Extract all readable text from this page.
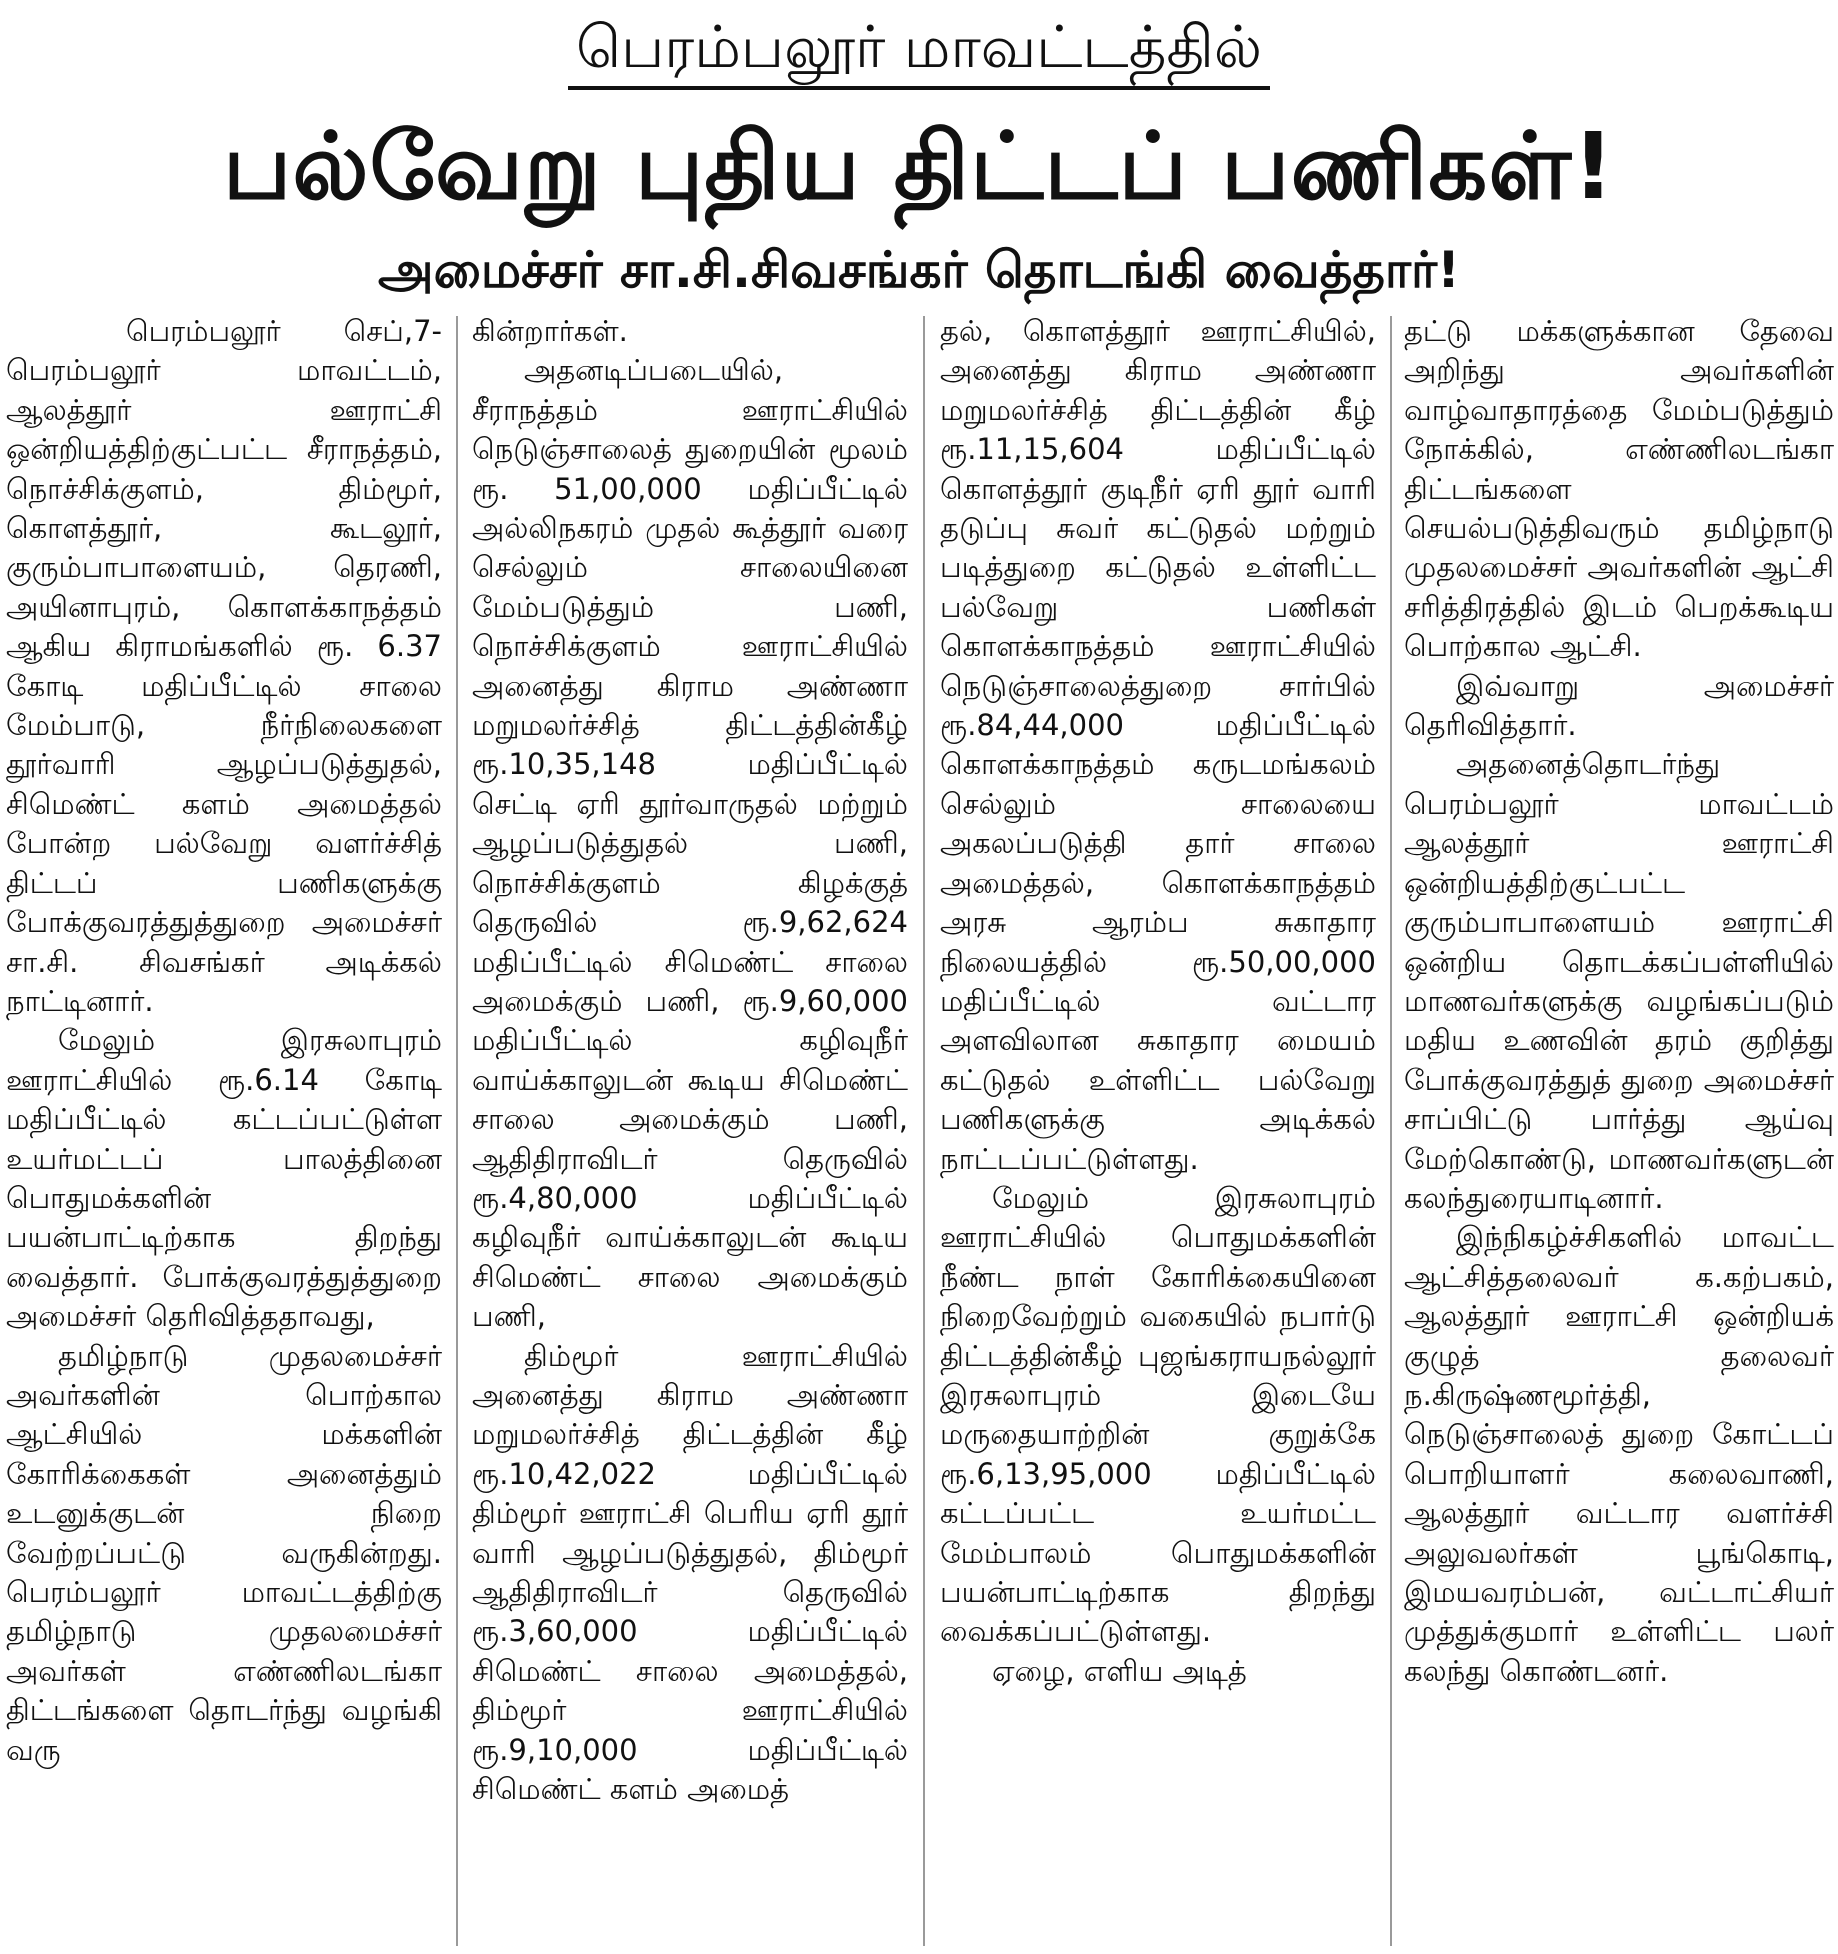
பெரம்பலூர் மாவட்டத்தில்
பல்வேறு புதிய திட்டப் பணிகள்!
அமைச்சர் சா.சி.சிவசங்கர் தொடங்கி வைத்தார்!

பெரம்பலூர் செப்,7- பெரம்பலூர் மாவட்டம், ஆலத்தூர் ஊராட்சி ஒன்றியத்திற்குட்பட்ட சீராநத்தம், நொச்சிக்குளம், திம்மூர், கொளத்தூர், கூடலூர், குரும்பாபாளையம், தெரணி, அயினாபுரம், கொளக்காநத்தம் ஆகிய கிராமங்களில் ரூ. 6.37 கோடி மதிப்பீட்டில் சாலை மேம்பாடு, நீர்நிலைகளை தூர்வாரி ஆழப்படுத்துதல், சிமெண்ட் களம் அமைத்தல் போன்ற பல்வேறு வளர்ச்சித் திட்டப் பணிகளுக்கு போக்குவரத்துத்துறை அமைச்சர் சா.சி. சிவசங்கர் அடிக்கல் நாட்டினார்.

மேலும் இரசுலாபுரம் ஊராட்சியில் ரூ.6.14 கோடி மதிப்பீட்டில் கட்டப்பட்டுள்ள உயர்மட்டப் பாலத்தினை பொதுமக்களின் பயன்பாட்டிற்காக திறந்து வைத்தார். போக்குவரத்துத்துறை அமைச்சர் தெரிவித்ததாவது,

தமிழ்நாடு முதலமைச்சர் அவர்களின் பொற்கால ஆட்சியில் மக்களின் கோரிக்கைகள் அனைத்தும் உடனுக்குடன் நிறை வேற்றப்பட்டு வருகின்றது. பெரம்பலூர் மாவட்டத்திற்கு தமிழ்நாடு முதலமைச்சர் அவர்கள் எண்ணிலடங்கா திட்டங்களை தொடர்ந்து வழங்கி வரு

கின்றார்கள்.

அதனடிப்படையில், சீராநத்தம் ஊராட்சியில் நெடுஞ்சாலைத் துறையின் மூலம் ரூ. 51,00,000 மதிப்பீட்டில் அல்லிநகரம் முதல் கூத்தூர் வரை செல்லும் சாலையினை மேம்படுத்தும் பணி, நொச்சிக்குளம் ஊராட்சியில் அனைத்து கிராம அண்ணா மறுமலர்ச்சித் திட்டத்தின்கீழ் ரூ.10,35,148 மதிப்பீட்டில் செட்டி ஏரி தூர்வாருதல் மற்றும் ஆழப்படுத்துதல் பணி, நொச்சிக்குளம் கிழக்குத் தெருவில் ரூ.9,62,624 மதிப்பீட்டில் சிமெண்ட் சாலை அமைக்கும் பணி, ரூ.9,60,000 மதிப்பீட்டில் கழிவுநீர் வாய்க்காலுடன் கூடிய சிமெண்ட் சாலை அமைக்கும் பணி, ஆதிதிராவிடர் தெருவில் ரூ.4,80,000 மதிப்பீட்டில் கழிவுநீர் வாய்க்காலுடன் கூடிய சிமெண்ட் சாலை அமைக்கும் பணி,

திம்மூர் ஊராட்சியில் அனைத்து கிராம அண்ணா மறுமலர்ச்சித் திட்டத்தின் கீழ் ரூ.10,42,022 மதிப்பீட்டில் திம்மூர் ஊராட்சி பெரிய ஏரி தூர் வாரி ஆழப்படுத்துதல், திம்மூர் ஆதிதிராவிடர் தெருவில் ரூ.3,60,000 மதிப்பீட்டில் சிமெண்ட் சாலை அமைத்தல், திம்மூர் ஊராட்சியில் ரூ.9,10,000 மதிப்பீட்டில் சிமெண்ட் களம் அமைத்

தல், கொளத்தூர் ஊராட்சியில், அனைத்து கிராம அண்ணா மறுமலர்ச்சித் திட்டத்தின் கீழ் ரூ.11,15,604 மதிப்பீட்டில் கொளத்தூர் குடிநீர் ஏரி தூர் வாரி தடுப்பு சுவர் கட்டுதல் மற்றும் படித்துறை கட்டுதல் உள்ளிட்ட பல்வேறு பணிகள் கொளக்காநத்தம் ஊராட்சியில் நெடுஞ்சாலைத்துறை சார்பில் ரூ.84,44,000 மதிப்பீட்டில் கொளக்காநத்தம் கருடமங்கலம் செல்லும் சாலையை அகலப்படுத்தி தார் சாலை அமைத்தல், கொளக்காநத்தம் அரசு ஆரம்ப சுகாதார நிலையத்தில் ரூ.50,00,000 மதிப்பீட்டில் வட்டார அளவிலான சுகாதார மையம் கட்டுதல் உள்ளிட்ட பல்வேறு பணிகளுக்கு அடிக்கல் நாட்டப்பட்டுள்ளது.

மேலும் இரசுலாபுரம் ஊராட்சியில் பொதுமக்களின் நீண்ட நாள் கோரிக்கையினை நிறைவேற்றும் வகையில் நபார்டு திட்டத்தின்கீழ் புஜங்கராயநல்லூர் இரசுலாபுரம் இடையே மருதையாற்றின் குறுக்கே ரூ.6,13,95,000 மதிப்பீட்டில் கட்டப்பட்ட உயர்மட்ட மேம்பாலம் பொதுமக்களின் பயன்பாட்டிற்காக திறந்து வைக்கப்பட்டுள்ளது.

ஏழை, எளிய அடித்

தட்டு மக்களுக்கான தேவை அறிந்து அவர்களின் வாழ்வாதாரத்தை மேம்படுத்தும் நோக்கில், எண்ணிலடங்கா திட்டங்களை செயல்படுத்திவரும் தமிழ்நாடு முதலமைச்சர் அவர்களின் ஆட்சி சரித்திரத்தில் இடம் பெறக்கூடிய பொற்கால ஆட்சி.

இவ்வாறு அமைச்சர் தெரிவித்தார்.

அதனைத்தொடர்ந்து பெரம்பலூர் மாவட்டம் ஆலத்தூர் ஊராட்சி ஒன்றியத்திற்குட்பட்ட குரும்பாபாளையம் ஊராட்சி ஒன்றிய தொடக்கப்பள்ளியில் மாணவர்களுக்கு வழங்கப்படும் மதிய உணவின் தரம் குறித்து போக்குவரத்துத் துறை அமைச்சர் சாப்பிட்டு பார்த்து ஆய்வு மேற்கொண்டு, மாணவர்களுடன் கலந்துரையாடினார்.

இந்நிகழ்ச்சிகளில் மாவட்ட ஆட்சித்தலைவர் க.கற்பகம், ஆலத்தூர் ஊராட்சி ஒன்றியக் குழுத் தலைவர் ந.கிருஷ்ணமூர்த்தி, நெடுஞ்சாலைத் துறை கோட்டப் பொறியாளர் கலைவாணி, ஆலத்தூர் வட்டார வளர்ச்சி அலுவலர்கள் பூங்கொடி, இமயவரம்பன், வட்டாட்சியர் முத்துக்குமார் உள்ளிட்ட பலர் கலந்து கொண்டனர்.
